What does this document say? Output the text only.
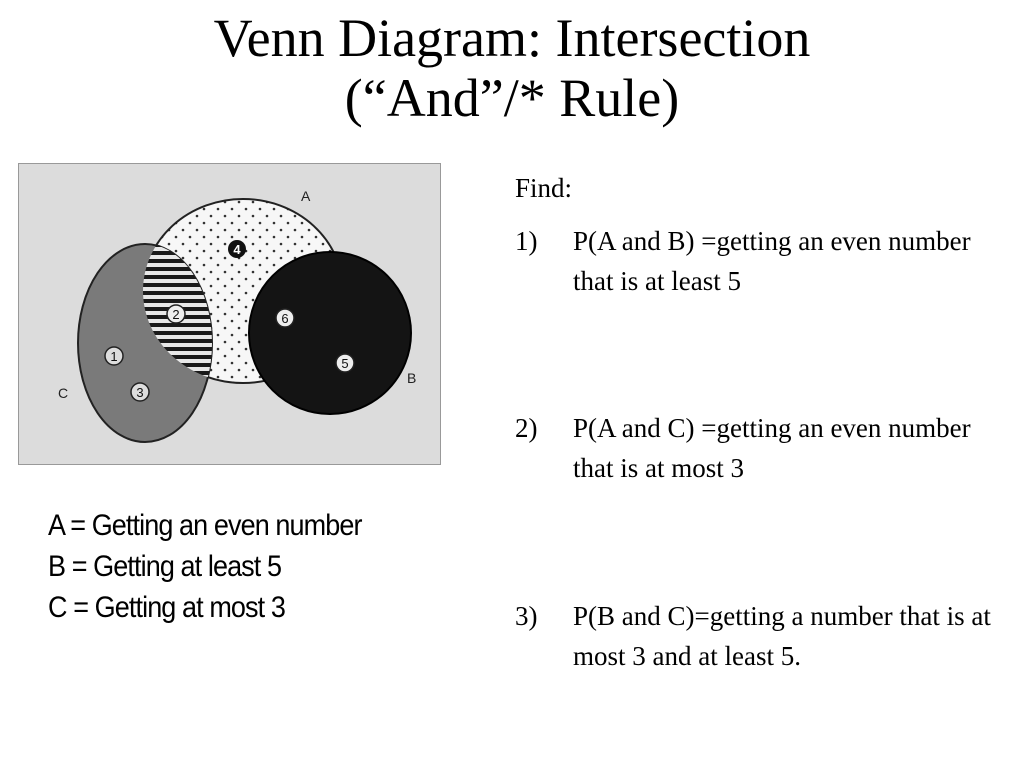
Venn Diagram: Intersection
(“And”/* Rule)
A
B
C
4
2	6
5
1
3
A = Getting an even number
B = Getting at least 5
C = Getting at most 3
Find:
1) P(A and B) =getting an even number that is at least 5
2) P(A and C) =getting an even number that is at most 3
3) P(B and C)=getting a number that is at most 3 and at least 5.
